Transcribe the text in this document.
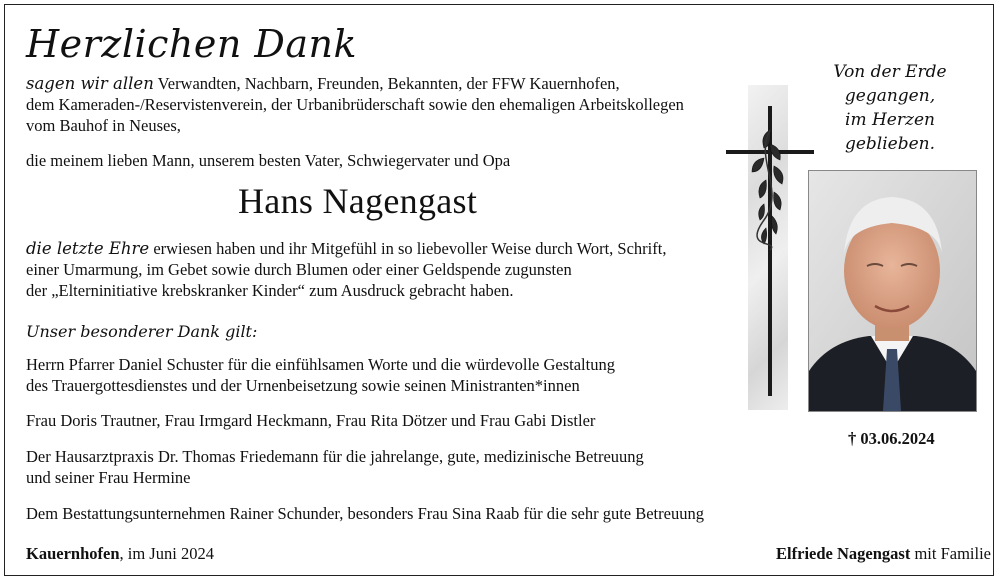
Herzlichen Dank
sagen wir allen Verwandten, Nachbarn, Freunden, Bekannten, der FFW Kauernhofen,
dem Kameraden-/Reservistenverein, der Urbanibrüderschaft sowie den ehemaligen Arbeitskollegen
vom Bauhof in Neuses,
die meinem lieben Mann, unserem besten Vater, Schwiegervater und Opa
Hans Nagengast
die letzte Ehre erwiesen haben und ihr Mitgefühl in so liebevoller Weise durch Wort, Schrift,
einer Umarmung, im Gebet sowie durch Blumen oder einer Geldspende zugunsten
der „Elterninitiative krebskranker Kinder“ zum Ausdruck gebracht haben.
Unser besonderer Dank gilt:
Herrn Pfarrer Daniel Schuster für die einfühlsamen Worte und die würdevolle Gestaltung
des Trauergottesdienstes und der Urnenbeisetzung sowie seinen Ministranten*innen
Frau Doris Trautner, Frau Irmgard Heckmann, Frau Rita Dötzer und Frau Gabi Distler
Der Hausarztpraxis Dr. Thomas Friedemann für die jahrelange, gute, medizinische Betreuung
und seiner Frau Hermine
Dem Bestattungsunternehmen Rainer Schunder, besonders Frau Sina Raab für die sehr gute Betreuung
Von der Erde
gegangen,
im Herzen
geblieben.
† 03.06.2024
Kauernhofen, im Juni 2024	Elfriede Nagengast mit Familie
